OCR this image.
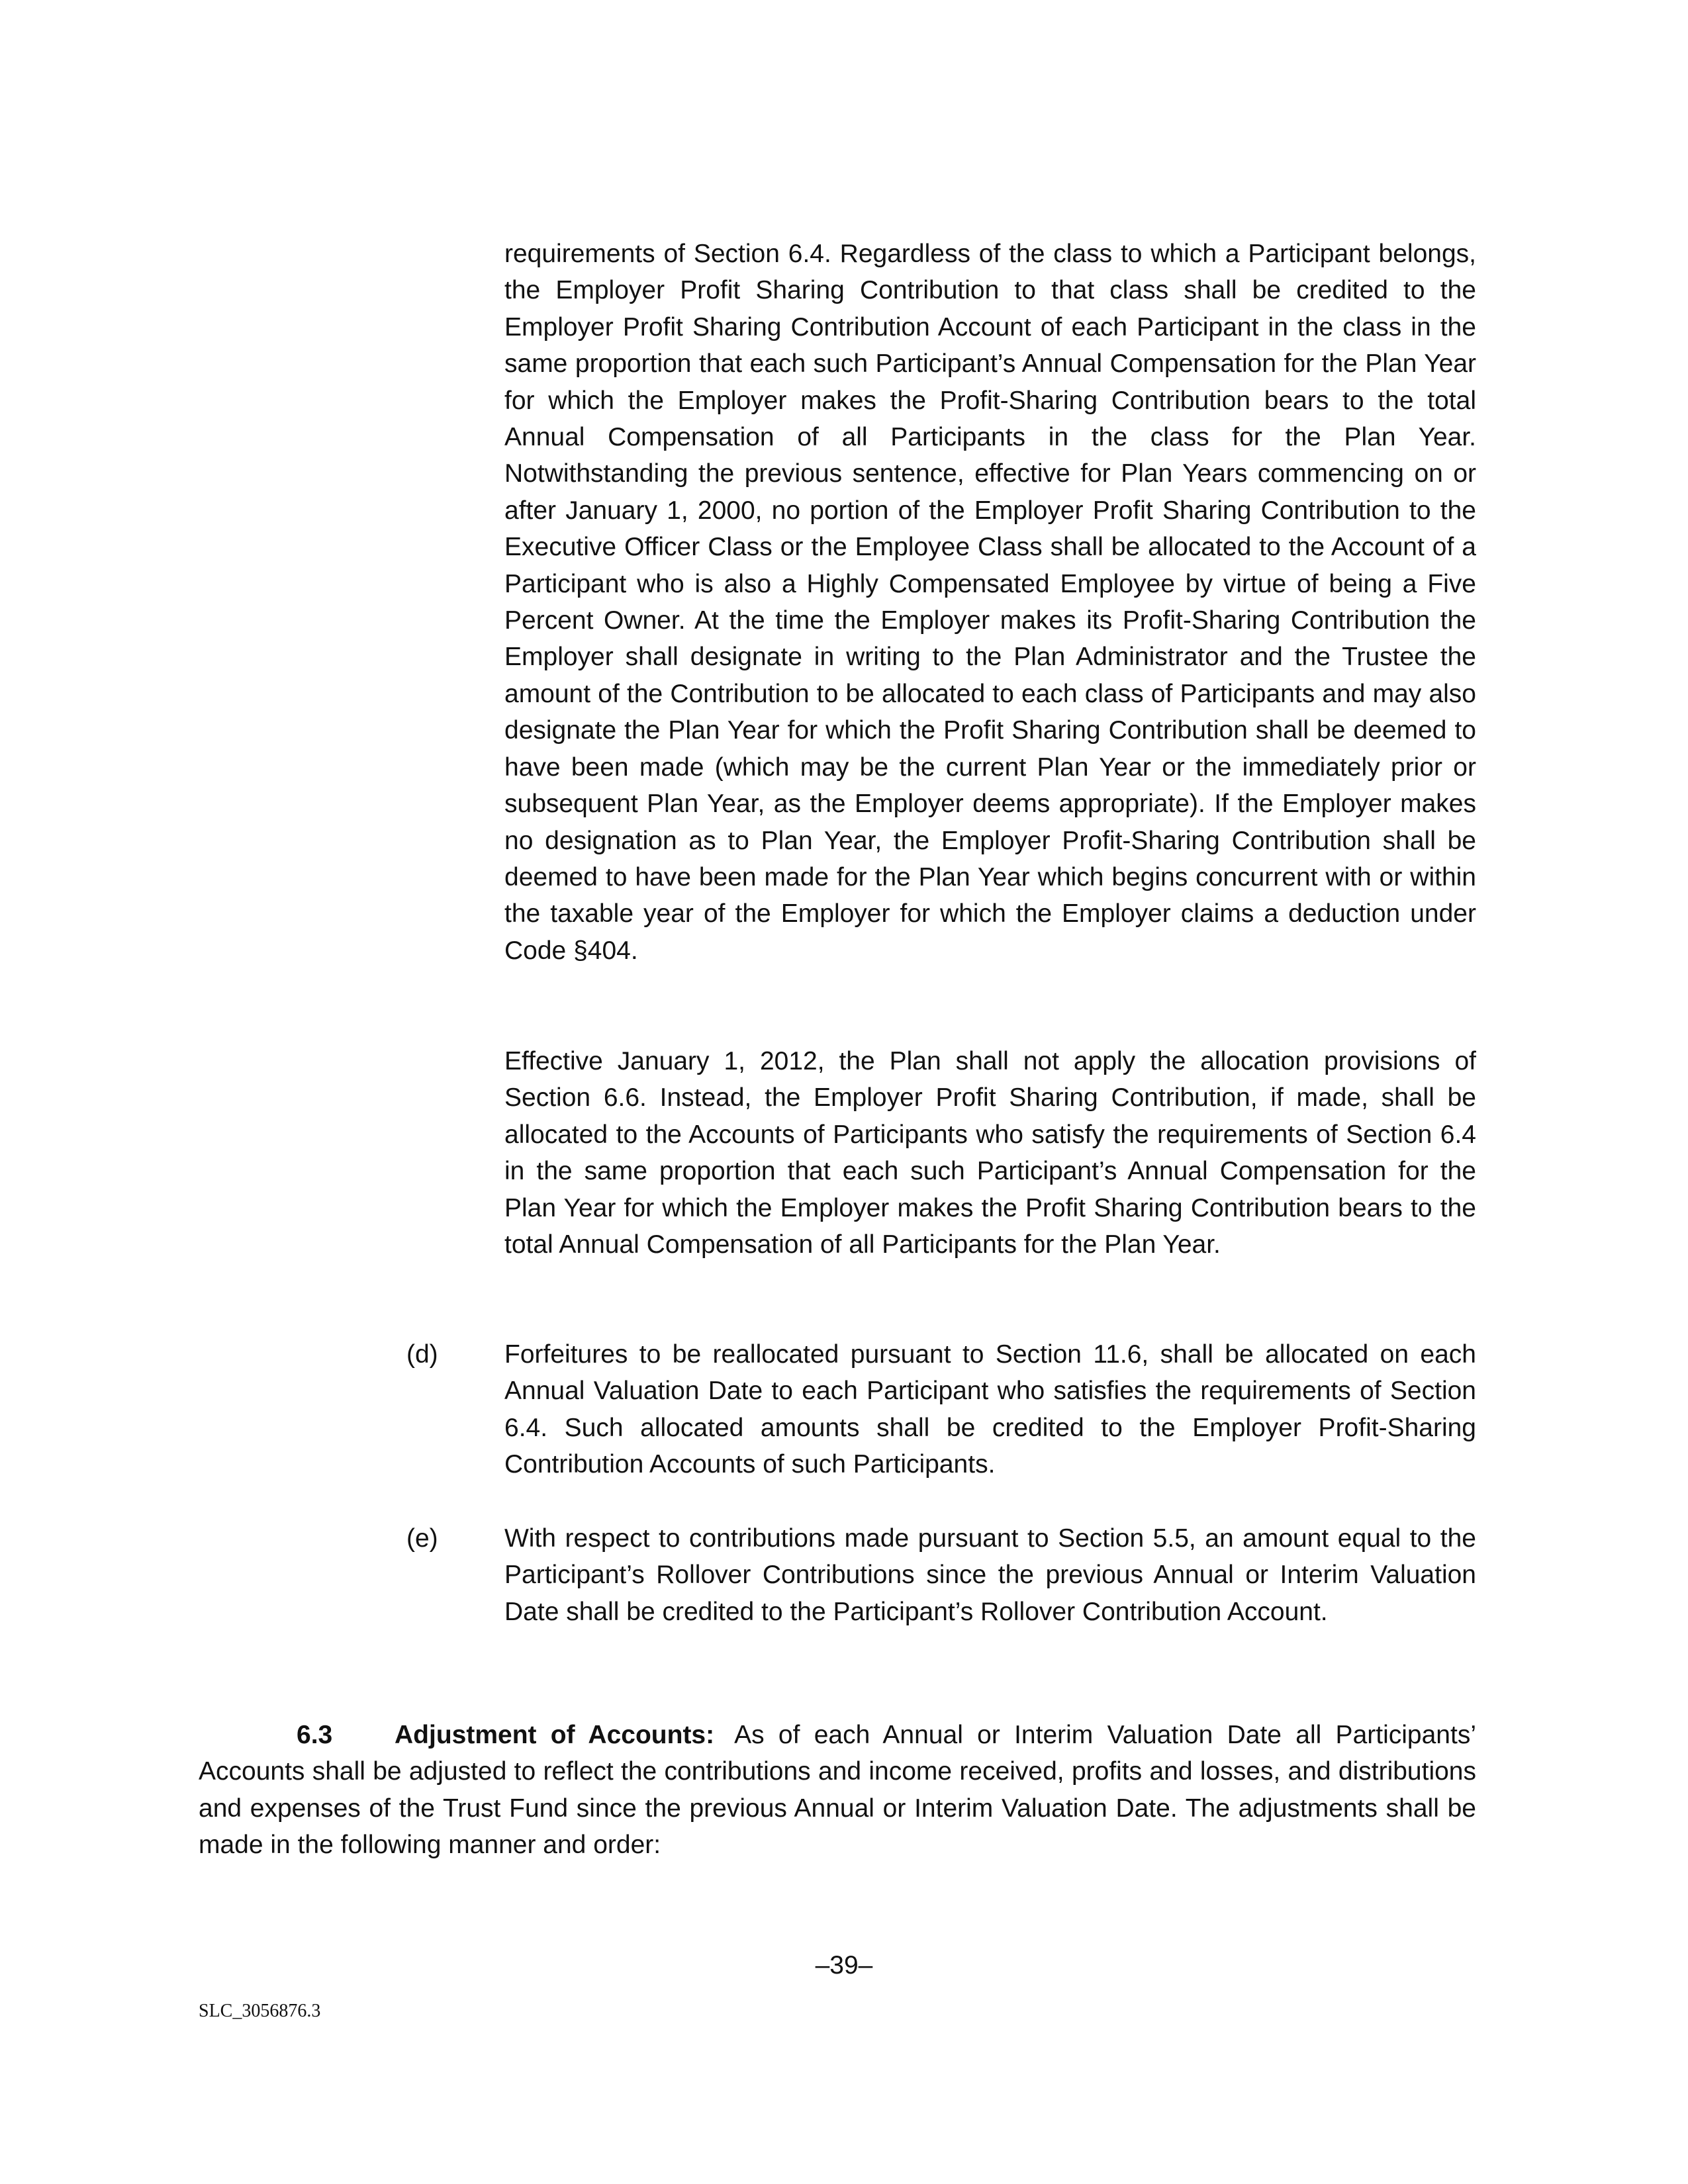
requirements of Section 6.4. Regardless of the class to which a Participant belongs, the Employer Profit Sharing Contribution to that class shall be credited to the Employer Profit Sharing Contribution Account of each Participant in the class in the same proportion that each such Participant’s Annual Compensation for the Plan Year for which the Employer makes the Profit-Sharing Contribution bears to the total Annual Compensation of all Participants in the class for the Plan Year. Notwithstanding the previous sentence, effective for Plan Years commencing on or after January 1, 2000, no portion of the Employer Profit Sharing Contribution to the Executive Officer Class or the Employee Class shall be allocated to the Account of a Participant who is also a Highly Compensated Employee by virtue of being a Five Percent Owner. At the time the Employer makes its Profit-Sharing Contribution the Employer shall designate in writing to the Plan Administrator and the Trustee the amount of the Contribution to be allocated to each class of Participants and may also designate the Plan Year for which the Profit Sharing Contribution shall be deemed to have been made (which may be the current Plan Year or the immediately prior or subsequent Plan Year, as the Employer deems appropriate). If the Employer makes no designation as to Plan Year, the Employer Profit-Sharing Contribution shall be deemed to have been made for the Plan Year which begins concurrent with or within the taxable year of the Employer for which the Employer claims a deduction under Code §404.

Effective January 1, 2012, the Plan shall not apply the allocation provisions of Section 6.6. Instead, the Employer Profit Sharing Contribution, if made, shall be allocated to the Accounts of Participants who satisfy the requirements of Section 6.4 in the same proportion that each such Participant’s Annual Compensation for the Plan Year for which the Employer makes the Profit Sharing Contribution bears to the total Annual Compensation of all Participants for the Plan Year.

(d)	Forfeitures to be reallocated pursuant to Section 11.6, shall be allocated on each Annual Valuation Date to each Participant who satisfies the requirements of Section 6.4. Such allocated amounts shall be credited to the Employer Profit-Sharing Contribution Accounts of such Participants.

(e)	With respect to contributions made pursuant to Section 5.5, an amount equal to the Participant’s Rollover Contributions since the previous Annual or Interim Valuation Date shall be credited to the Participant’s Rollover Contribution Account.

6.3 Adjustment of Accounts: As of each Annual or Interim Valuation Date all Participants’ Accounts shall be adjusted to reflect the contributions and income received, profits and losses, and distributions and expenses of the Trust Fund since the previous Annual or Interim Valuation Date. The adjustments shall be made in the following manner and order:

–39–

SLC_3056876.3
